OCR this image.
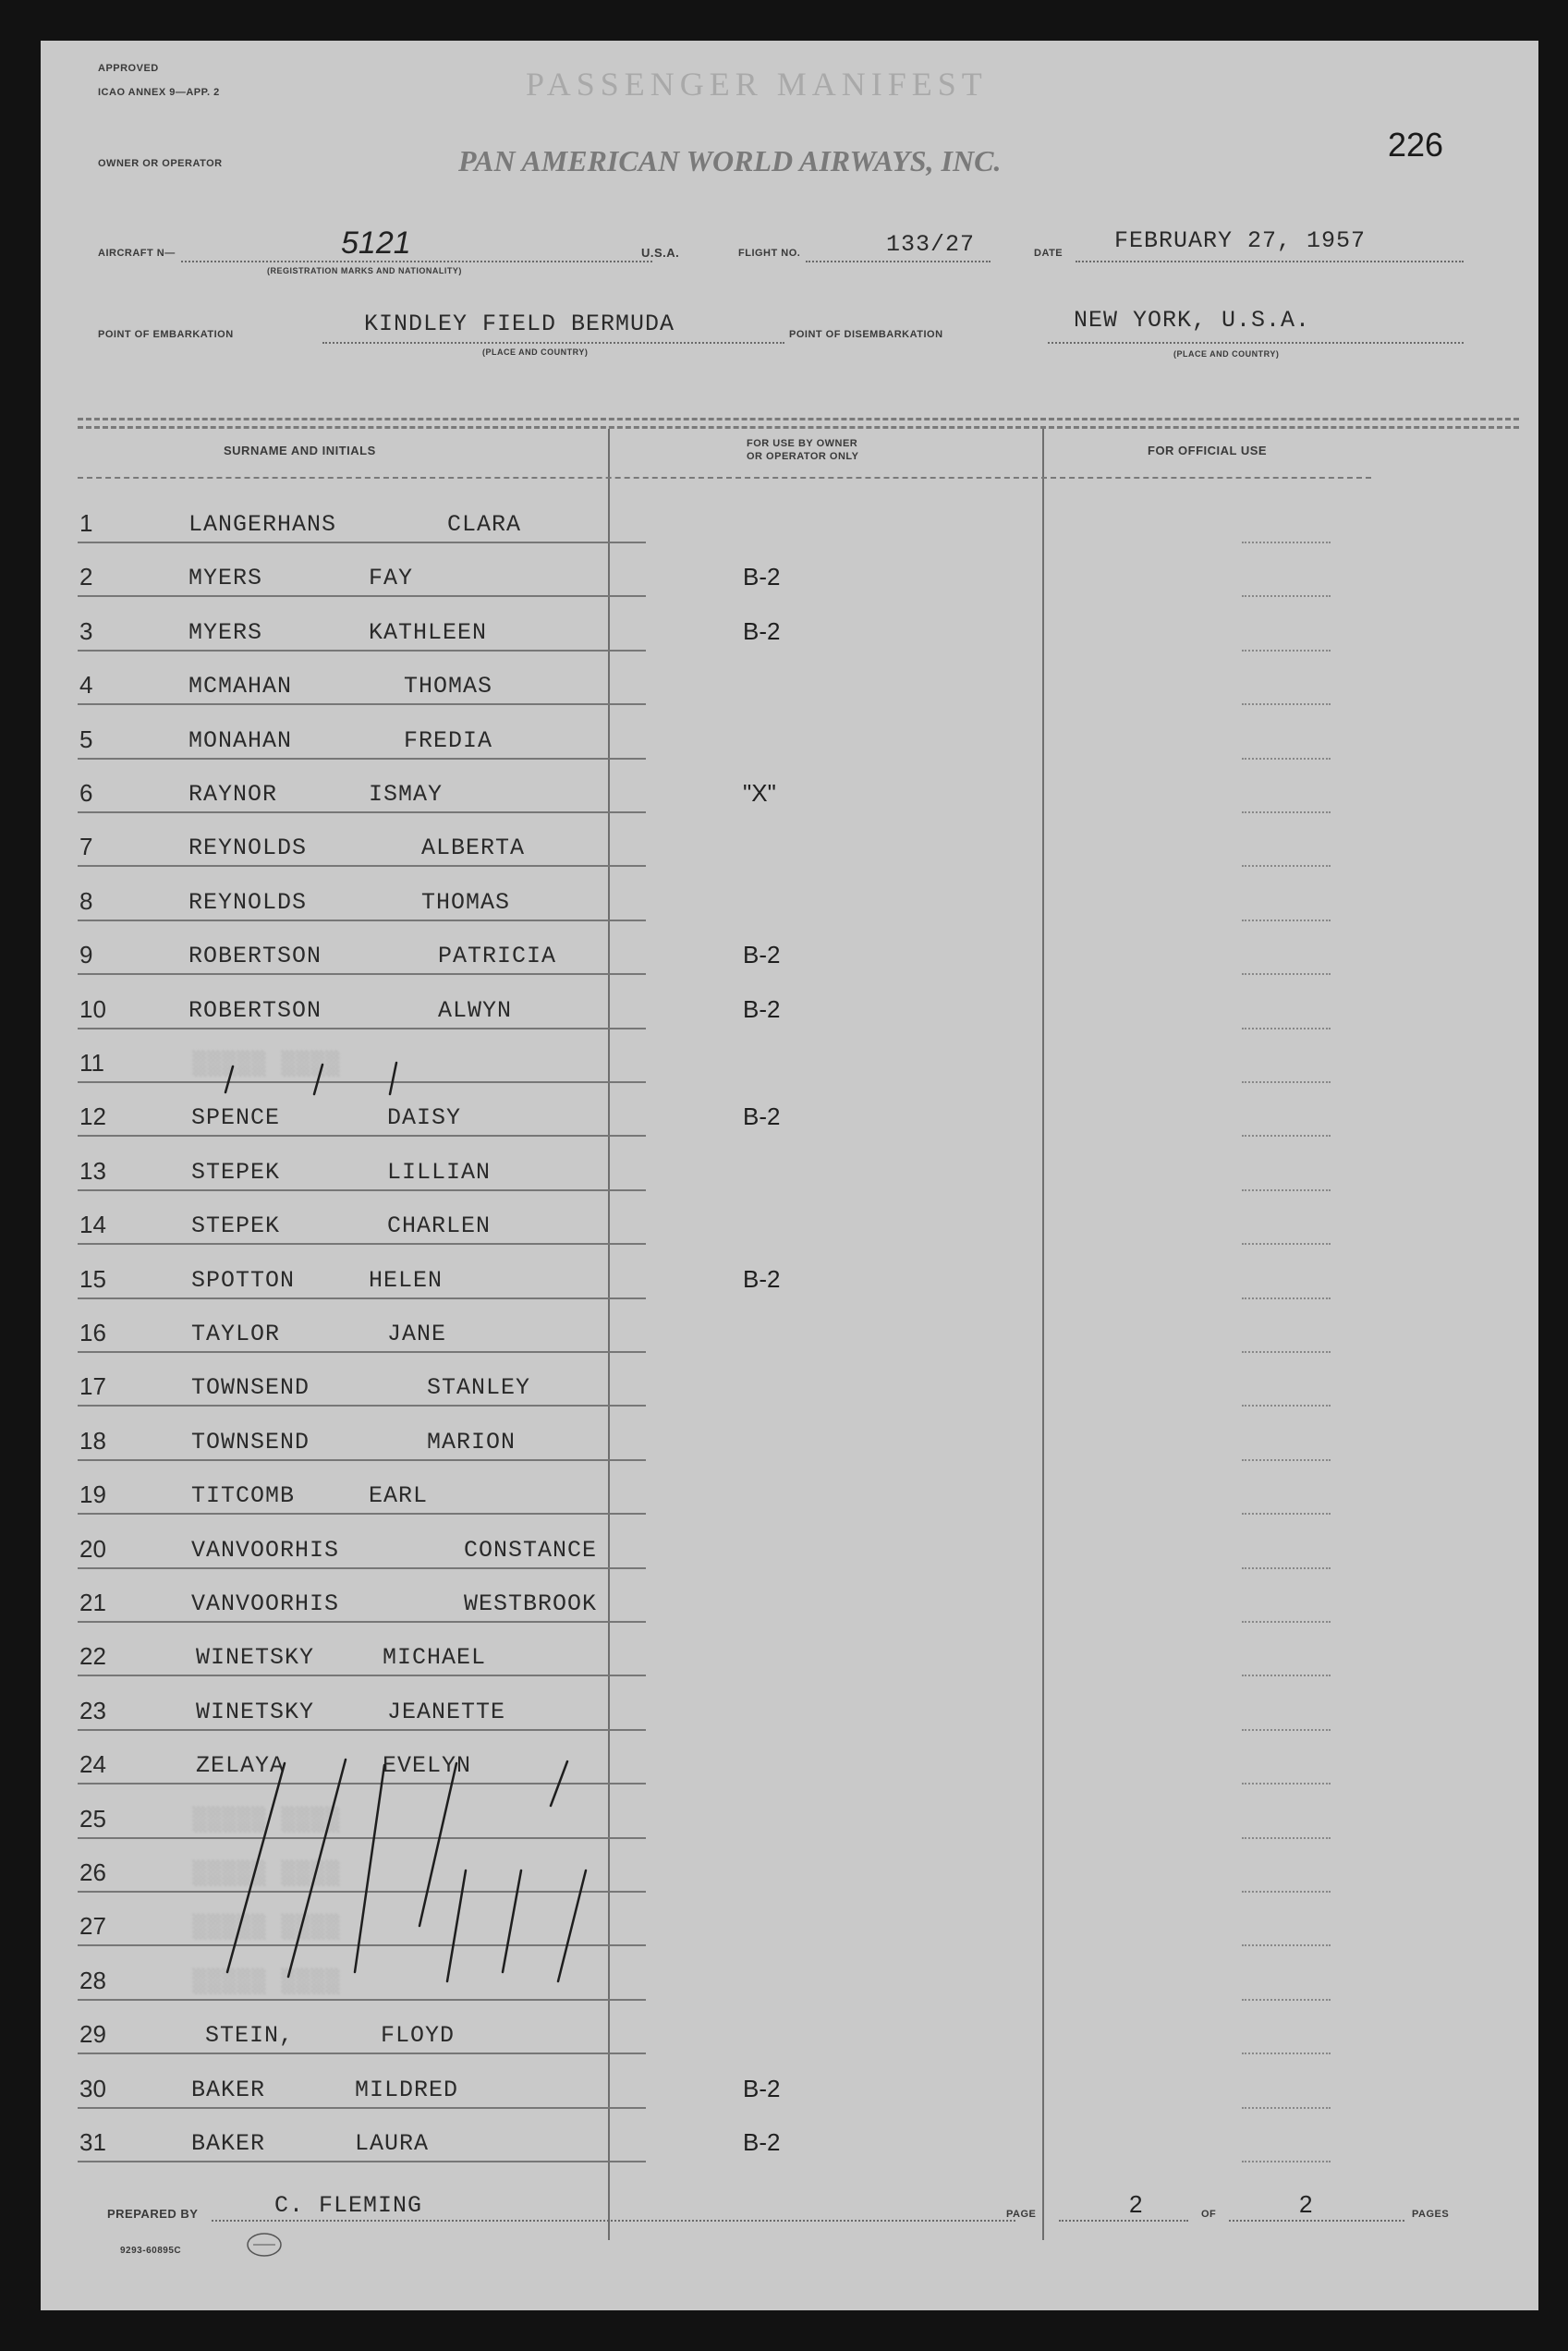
APPROVED
ICAO ANNEX 9—APP. 2	PASSENGER MANIFEST
226
OWNER OR OPERATOR	PAN AMERICAN WORLD AIRWAYS, INC.
AIRCRAFT N—	5121
(REGISTRATION MARKS AND NATIONALITY)
U.S.A.	FLIGHT NO.	133/27	DATE FEBRUARY 27, 1957
POINT OF EMBARKATION	KINDLEY FIELD BERMUDA
(PLACE AND COUNTRY)
POINT OF DISEMBARKATION
NEW YORK, U.S.A.
(PLACE AND COUNTRY)
SURNAME AND INITIALS	FOR USE BY OWNER
OR OPERATOR ONLY	FOR OFFICIAL USE
1	LANGERHANS	CLARA
2	MYERS	FAY	B-2
3	MYERS	KATHLEEN	B-2
4	MCMAHAN	THOMAS
5	MONAHAN	FREDIA
6	RAYNOR	ISMAY	"X"
7	REYNOLDS	ALBERTA
8	REYNOLDS	THOMAS
9	ROBERTSON	PATRICIA	B-2
10	ROBERTSON	ALWYN	B-2
11	░░░░░ ░░░░
12	SPENCE	DAISY	B-2
13	STEPEK	LILLIAN
14	STEPEK	CHARLEN
15	SPOTTON	HELEN	B-2
16	TAYLOR	JANE
17	TOWNSEND	STANLEY
18	TOWNSEND	MARION
19	TITCOMB	EARL
20	VANVOORHIS	CONSTANCE
21	VANVOORHIS	WESTBROOK
22	WINETSKY	MICHAEL
23	WINETSKY	JEANETTE
24	ZELAYA	EVELYN
25	░░░░░ ░░░░
26	░░░░░ ░░░░
27	░░░░░ ░░░░
28	░░░░░ ░░░░
29	STEIN,	FLOYD
30	BAKER	MILDRED	B-2
31	BAKER	LAURA	B-2
PREPARED BY	C. FLEMING	PAGE	2	OF	2	PAGES
9293-60895C
